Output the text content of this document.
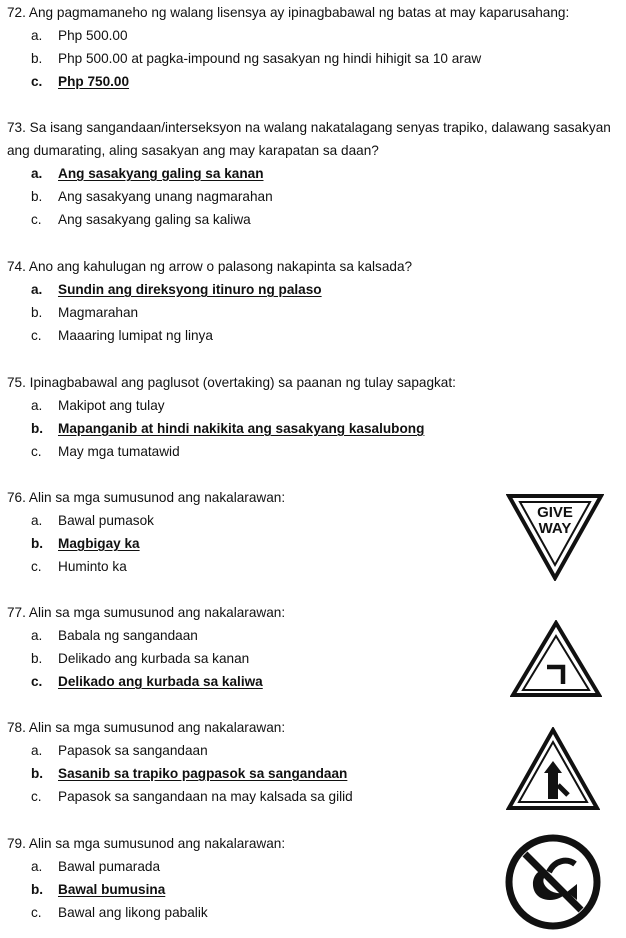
72. Ang pagmamaneho ng walang lisensya ay ipinagbabawal ng batas at may kaparusahang:
a.	Php 500.00
b.	Php 500.00 at pagka-impound ng sasakyan ng hindi hihigit sa 10 araw
c.	Php 750.00
73. Sa isang sangandaan/interseksyon na walang nakatalagang senyas trapiko, dalawang sasakyan ang dumarating, aling sasakyan ang may karapatan sa daan?
a.	Ang sasakyang galing sa kanan
b.	Ang sasakyang unang nagmarahan
c.	Ang sasakyang galing sa kaliwa
74. Ano ang kahulugan ng arrow o palasong nakapinta sa kalsada?
a.	Sundin ang direksyong itinuro ng palaso
b.	Magmarahan
c.	Maaaring lumipat ng linya
75. Ipinagbabawal ang paglusot (overtaking) sa paanan ng tulay sapagkat:
a.	Makipot ang tulay
b.	Mapanganib at hindi nakikita ang sasakyang kasalubong
c.	May mga tumatawid
76. Alin sa mga sumusunod ang nakalarawan:
a.	Bawal pumasok
b.	Magbigay ka
c.	Huminto ka
77. Alin sa mga sumusunod ang nakalarawan:
a.	Babala ng sangandaan
b.	Delikado ang kurbada sa kanan
c.	Delikado ang kurbada sa kaliwa
78. Alin sa mga sumusunod ang nakalarawan:
a.	Papasok sa sangandaan
b.	Sasanib sa trapiko pagpasok sa sangandaan
c.	Papasok sa sangandaan na may kalsada sa gilid
79. Alin sa mga sumusunod ang nakalarawan:
a.	Bawal pumarada
b.	Bawal bumusina
c.	Bawal ang likong pabalik
GIVE
WAY
